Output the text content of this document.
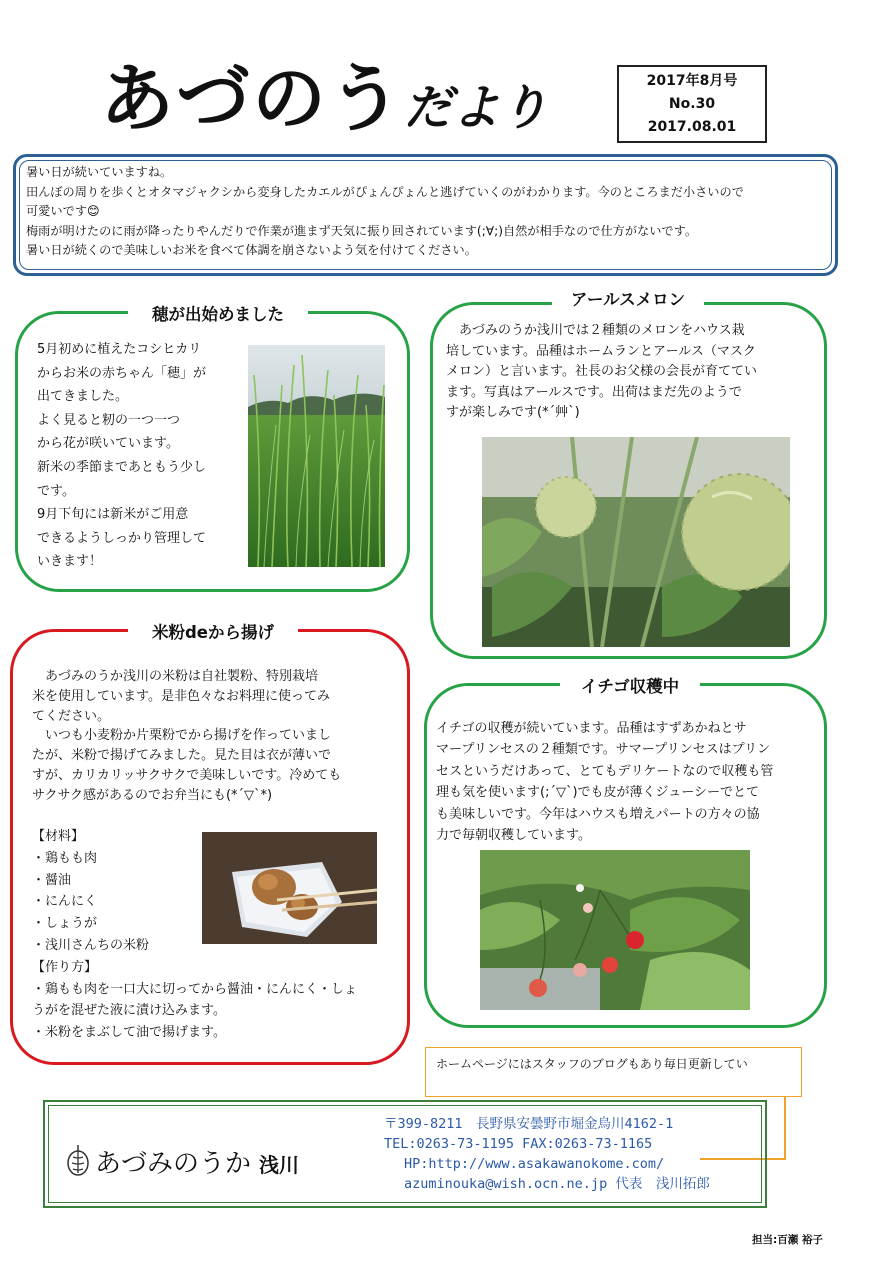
あづのうだより	2017年8月号
No.30
2017.08.01
暑い日が続いていますね。
田んぼの周りを歩くとオタマジャクシから変身したカエルがぴょんぴょんと逃げていくのがわかります。今のところまだ小さいので
可愛いです😊
梅雨が明けたのに雨が降ったりやんだりで作業が進まず天気に振り回されています(;∀;)自然が相手なので仕方がないです。
暑い日が続くので美味しいお米を食べて体調を崩さないよう気を付けてください。
穂が出始めました
5月初めに植えたコシヒカリ
からお米の赤ちゃん「穂」が
出てきました。
よく見ると籾の一つ一つ
から花が咲いています。
新米の季節まであともう少し
です。
9月下旬には新米がご用意
できるようしっかり管理して
いきます！
米粉deから揚げ
　あづみのうか浅川の米粉は自社製粉、特別栽培
米を使用しています。是非色々なお料理に使ってみ
てください。
　いつも小麦粉か片栗粉でから揚げを作っていまし
たが、米粉で揚げてみました。見た目は衣が薄いで
すが、カリカリッサクサクで美味しいです。冷めても
サクサク感があるのでお弁当にも(*´▽`*)
【材料】
・鶏もも肉
・醤油
・にんにく
・しょうが
・浅川さんちの米粉
【作り方】
・鶏もも肉を一口大に切ってから醤油・にんにく・しょ
うがを混ぜた液に漬け込みます。
・米粉をまぶして油で揚げます。
アールスメロン
　あづみのうか浅川では２種類のメロンをハウス栽
培しています。品種はホームランとアールス（マスク
メロン）と言います。社長のお父様の会長が育ててい
ます。写真はアールスです。出荷はまだ先のようで
すが楽しみです(*´艸`)
イチゴ収穫中
イチゴの収穫が続いています。品種はすずあかねとサ
マープリンセスの２種類です。サマープリンセスはプリン
セスというだけあって、とてもデリケートなので収穫も管
理も気を使います(;´▽`)でも皮が薄くジューシーでとて
も美味しいです。今年はハウスも増えパートの方々の協
力で毎朝収穫しています。
ホームページにはスタッフのブログもあり毎日更新してい
あづみのうか 浅川
〒399-8211　長野県安曇野市堀金烏川4162-1
TEL:0263-73-1195 FAX:0263-73-1165
HP:http://www.asakawanokome.com/
azuminouka@wish.ocn.ne.jp 代表　浅川拓郎
担当:百瀬 裕子
